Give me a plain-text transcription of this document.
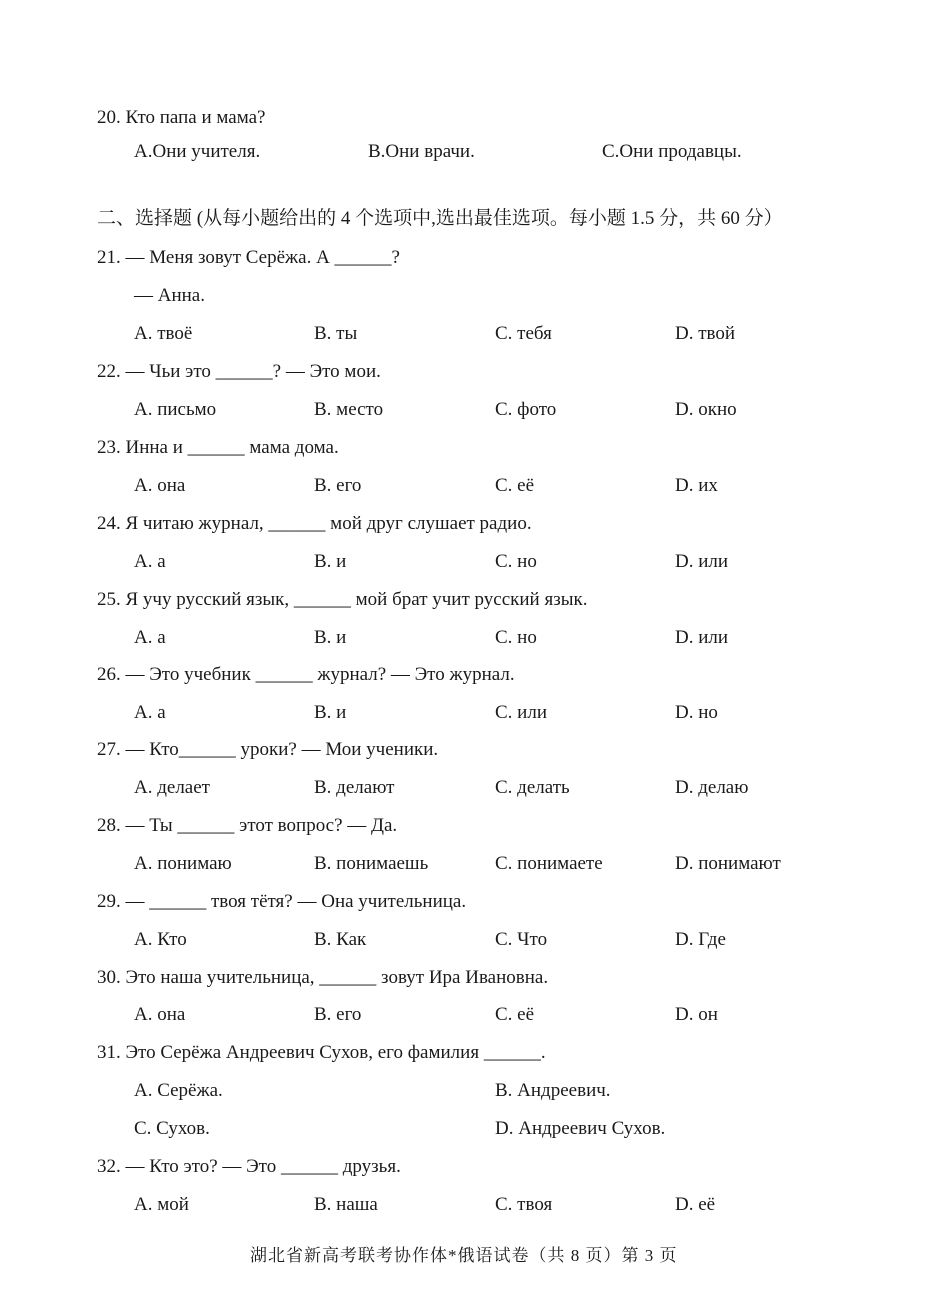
20. Кто папа и мама?
A.Они учителя.	B.Они врачи.	C.Они продавцы.
二、选择题 (从每小题给出的 4 个选项中,选出最佳选项。每小题 1.5 分，共 60 分）
21. — Меня зовут Серёжа. А ______?
— Анна.
A. твоё	B. ты	C. тебя	D. твой
22. — Чьи это ______? — Это мои.
A. письмо	B. место	C. фото	D. окно
23. Инна и ______ мама дома.
A. она	B. его	C. её	D. их
24. Я читаю журнал, ______ мой друг слушает радио.
A. а	B. и	C. но	D. или
25. Я учу русский язык, ______ мой брат учит русский язык.
A. а	B. и	C. но	D. или
26. — Это учебник ______ журнал? — Это журнал.
A. а	B. и	C. или	D. но
27. — Кто______ уроки? — Мои ученики.
A. делает	B. делают	C. делать	D. делаю
28. — Ты ______ этот вопрос? — Да.
A. понимаю	B. понимаешь	C. понимаете	D. понимают
29. — ______ твоя тётя? — Она учительница.
A. Кто	B. Как	C. Что	D. Где
30. Это наша учительница, ______ зовут Ира Ивановна.
A. она	B. его	C. её	D. он
31. Это Серёжа Андреевич Сухов, его фамилия ______.
A. Серёжа.	B. Андреевич.
C. Сухов.	D. Андреевич Сухов.
32. — Кто это? — Это ______ друзья.
A. мой	B. наша	C. твоя	D. её
湖北省新高考联考协作体*俄语试卷（共 8 页）第 3 页
